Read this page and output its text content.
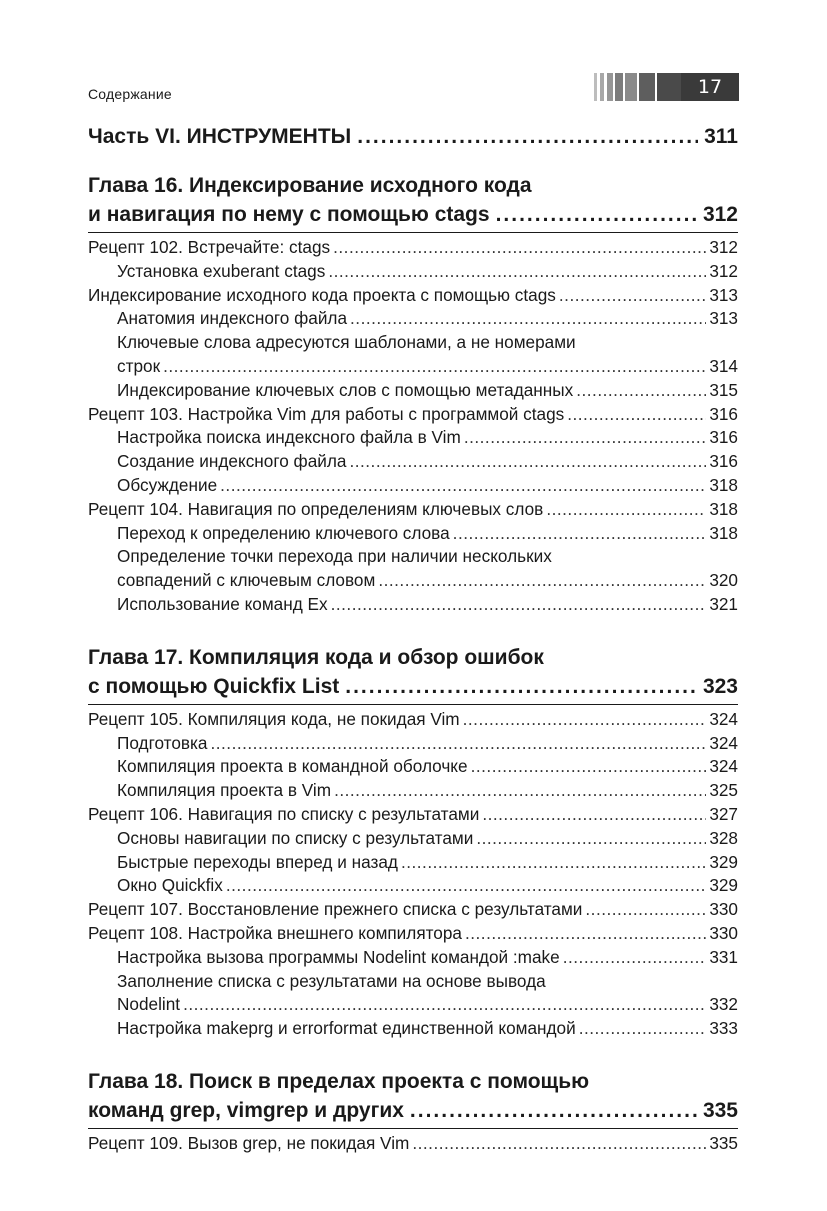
Содержание	17
Часть VI. ИНСТРУМЕНТЫ .....	311
Глава 16. Индексирование исходного кода
и навигация по нему с помощью ctags .....	312
Рецепт 102. Встречайте: ctags .....	312
Установка exuberant ctags .....	312
Индексирование исходного кода проекта с помощью ctags .....	313
Анатомия индексного файла .....	313
Ключевые слова адресуются шаблонами, а не номерами
строк .....	314
Индексирование ключевых слов с помощью метаданных .....	315
Рецепт 103. Настройка Vim для работы с программой ctags .....	316
Настройка поиска индексного файла в Vim .....	316
Создание индексного файла .....	316
Обсуждение .....	318
Рецепт 104. Навигация по определениям ключевых слов .....	318
Переход к определению ключевого слова .....	318
Определение точки перехода при наличии нескольких
совпадений с ключевым словом .....	320
Использование команд Ex .....	321
Глава 17. Компиляция кода и обзор ошибок
с помощью Quickfix List .....	323
Рецепт 105. Компиляция кода, не покидая Vim .....	324
Подготовка .....	324
Компиляция проекта в командной оболочке .....	324
Компиляция проекта в Vim .....	325
Рецепт 106. Навигация по списку с результатами .....	327
Основы навигации по списку с результатами .....	328
Быстрые переходы вперед и назад .....	329
Окно Quickfix .....	329
Рецепт 107. Восстановление прежнего списка с результатами .....	330
Рецепт 108. Настройка внешнего компилятора .....	330
Настройка вызова программы Nodelint командой :make .....	331
Заполнение списка с результатами на основе вывода
Nodelint .....	332
Настройка makeprg и errorformat единственной командой .....	333
Глава 18. Поиск в пределах проекта с помощью
команд grep, vimgrep и других .....	335
Рецепт 109. Вызов grep, не покидая Vim .....	335
